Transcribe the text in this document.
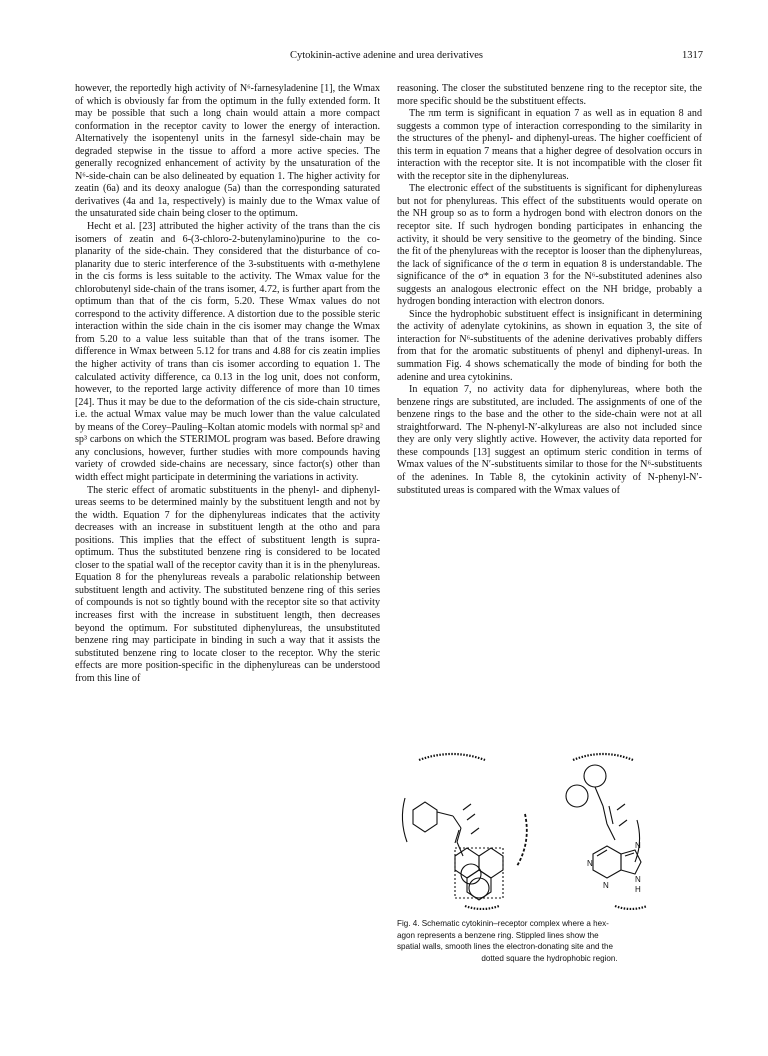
Cytokinin-active adenine and urea derivatives	1317

however, the reportedly high activity of N⁶-farnesyladenine [1], the Wmax of which is obviously far from the optimum in the fully extended form. It may be possible that such a long chain would attain a more compact conformation in the receptor cavity to lower the energy of interaction. Alternatively the isopentenyl units in the farnesyl side-chain may be degraded stepwise in the tissue to afford a more active species. The generally recognized enhancement of activity by the unsaturation of the N⁶-side-chain can be also delineated by equation 1. The higher activity for zeatin (6a) and its deoxy analogue (5a) than the corresponding saturated derivatives (4a and 1a, respectively) is mainly due to the Wmax value of the unsaturated side chain being closer to the optimum.

Hecht et al. [23] attributed the higher activity of the trans than the cis isomers of zeatin and 6-(3-chloro-2-butenylamino)purine to the co-planarity of the side-chain. They considered that the disturbance of co-planarity due to steric interference of the 3-substituents with α-methylene in the cis forms is less suitable to the activity. The Wmax value for the chlorobutenyl side-chain of the trans isomer, 4.72, is further apart from the optimum than that of the cis form, 5.20. These Wmax values do not correspond to the activity difference. A distortion due to the possible steric interaction within the side chain in the cis isomer may change the Wmax from 5.20 to a value less suitable than that of the trans isomer. The difference in Wmax between 5.12 for trans and 4.88 for cis zeatin implies the higher activity of trans than cis isomer according to equation 1. The calculated activity difference, ca 0.13 in the log unit, does not conform, however, to the reported large activity difference of more than 10 times [24]. Thus it may be due to the deformation of the cis side-chain structure, i.e. the actual Wmax value may be much lower than the value calculated by means of the Corey–Pauling–Koltan atomic models with normal sp² and sp³ carbons on which the STERIMOL program was based. Before drawing any conclusions, however, further studies with more compounds having variety of crowded side-chains are necessary, since factor(s) other than width effect might participate in determining the variations in activity.

The steric effect of aromatic substituents in the phenyl- and diphenyl-ureas seems to be determined mainly by the substituent length and not by the width. Equation 7 for the diphenylureas indicates that the activity decreases with an increase in substituent length at the otho and para positions. This implies that the effect of substituent length is supra-optimum. Thus the substituted benzene ring is considered to be located closer to the spatial wall of the receptor cavity than it is in the phenylureas. Equation 8 for the phenylureas reveals a parabolic relationship between substituent length and activity. The substituted benzene ring of this series of compounds is not so tightly bound with the receptor site so that activity increases first with the increase in substituent length, then decreases beyond the optimum. For substituted diphenylureas, the unsubstituted benzene ring may participate in binding in such a way that it assists the substituted benzene ring to locate closer to the receptor. Why the steric effects are more position-specific in the diphenylureas can be understood from this line of

reasoning. The closer the substituted benzene ring to the receptor site, the more specific should be the substituent effects.

The πm term is significant in equation 7 as well as in equation 8 and suggests a common type of interaction corresponding to the similarity in the structures of the phenyl- and diphenyl-ureas. The higher coefficient of this term in equation 7 means that a higher degree of desolvation occurs in interaction with the receptor site. It is not incompatible with the closer fit with the receptor site in the diphenylureas.

The electronic effect of the substituents is significant for diphenylureas but not for phenylureas. This effect of the substituents would operate on the NH group so as to form a hydrogen bond with electron donors on the receptor site. If such hydrogen bonding participates in enhancing the activity, it should be very sensitive to the geometry of the binding. Since the fit of the phenylureas with the receptor is looser than the diphenylureas, the lack of significance of the σ term in equation 8 is understandable. The significance of the σ* in equation 3 for the N⁶-substituted adenines also suggests an analogous electronic effect on the NH bridge, probably a hydrogen bonding interaction with electron donors.

Since the hydrophobic substituent effect is insignificant in determining the activity of adenylate cytokinins, as shown in equation 3, the site of interaction for N⁶-substituents of the adenine derivatives probably differs from that for the aromatic substituents of phenyl and diphenyl-ureas. In summation Fig. 4 shows schematically the mode of binding for both the adenine and urea cytokinins.

In equation 7, no activity data for diphenylureas, where both the benzene rings are substituted, are included. The assignments of one of the benzene rings to the base and the other to the side-chain were not at all straightforward. The N-phenyl-N′-alkylureas are also not included since they are only very slightly active. However, the activity data reported for these compounds [13] suggest an optimum steric condition in terms of Wmax values of the N′-substituents similar to those for the N⁶-substituents of the adenines. In Table 8, the cytokinin activity of N-phenyl-N′-substituted ureas is compared with the Wmax values of

N
N
N
N
H
Fig. 4. Schematic cytokinin–receptor complex where a hex-
agon represents a benzene ring. Stippled lines show the
spatial walls, smooth lines the electron-donating site and the
dotted square the hydrophobic region.
